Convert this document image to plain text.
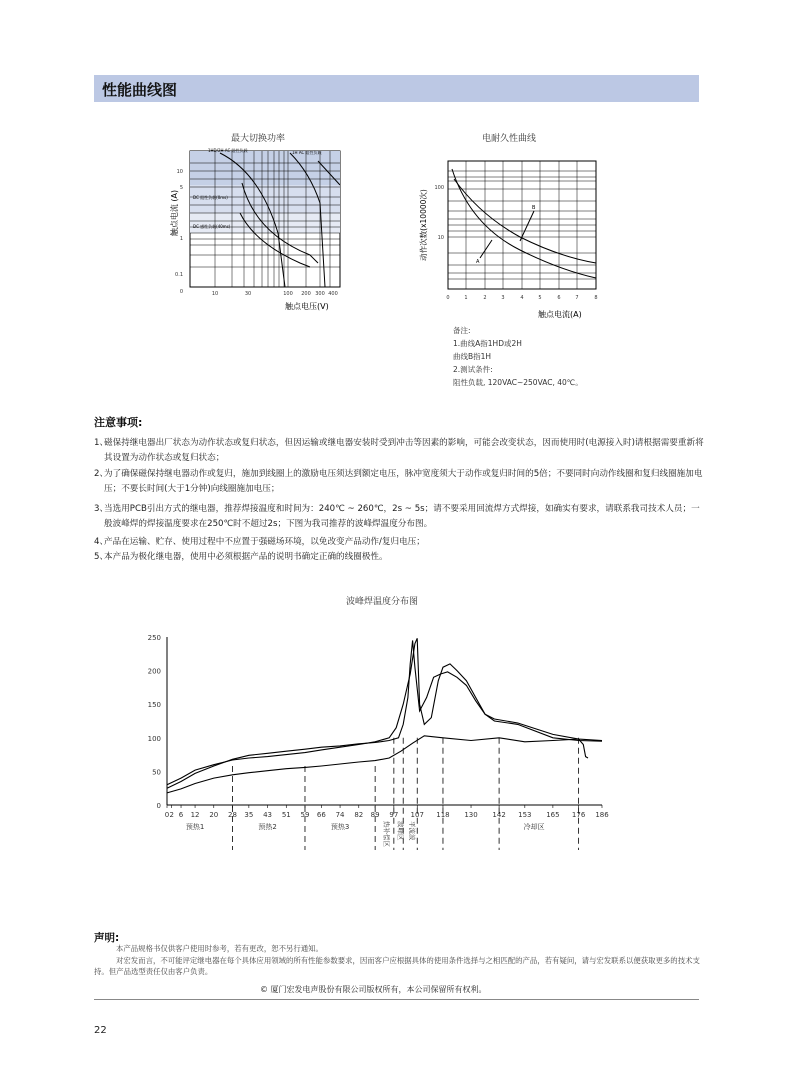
性能曲线图
最大切换功率
1HD/2H AC 阻性负载	1H AC 阻性负载
DC 阻性负载(0ms)
DC 感性负载(40ms)
10
5
1
0.1
0	10	30	100 200 300 400
触点电压(V)
触点电流 (A)
电耐久性曲线
A
B
100
10
0	1	2	3	4	5	6	7	8
触点电流(A)
动作次数(x10000次)
备注:
1.曲线A指1HD或2H
曲线B指1H
2.测试条件:
阻性负载, 120VAC~250VAC, 40℃。
注意事项:
1、
磁保持继电器出厂状态为动作状态或复归状态，但因运输或继电器安装时受到冲击等因素的影响，可能会改变状态，因而使用时(电源接入时)请根据需要重新将其设置为动作状态或复归状态；
2、
为了确保磁保持继电器动作或复归，施加到线圈上的激励电压须达到额定电压，脉冲宽度须大于动作或复归时间的5倍；不要同时向动作线圈和复归线圈施加电压；不要长时间(大于1分钟)向线圈施加电压；
3、
当选用PCB引出方式的继电器，推荐焊接温度和时间为：240℃ ~ 260℃，2s ~ 5s；请不要采用回流焊方式焊接，如确实有要求，请联系我司技术人员；一般波峰焊的焊接温度要求在250℃时不超过2s；下图为我司推荐的波峰焊温度分布图。
4、
产品在运输、贮存、使用过程中不应置于强磁场环境，以免改变产品动作/复归电压；
5、
本产品为极化继电器，使用中必须根据产品的说明书确定正确的线圈极性。
波峰焊温度分布图
0
50
100
150
200
250
0 2 6 12 20 28 35 43 51 59 66 74 82 89 97 107 118 130 142 153 165 176 186
预热1	预热2	预热3	热补偿区 波峰区 平流波	冷却区
声明:
本产品规格书仅供客户使用时参考，若有更改，恕不另行通知。
对宏发而言，不可能评定继电器在每个具体应用领域的所有性能参数要求，因而客户应根据具体的使用条件选择与之相匹配的产品，若有疑问，请与宏发联系以便获取更多的技术支持。但产品选型责任仅由客户负责。
© 厦门宏发电声股份有限公司版权所有，本公司保留所有权利。
22
